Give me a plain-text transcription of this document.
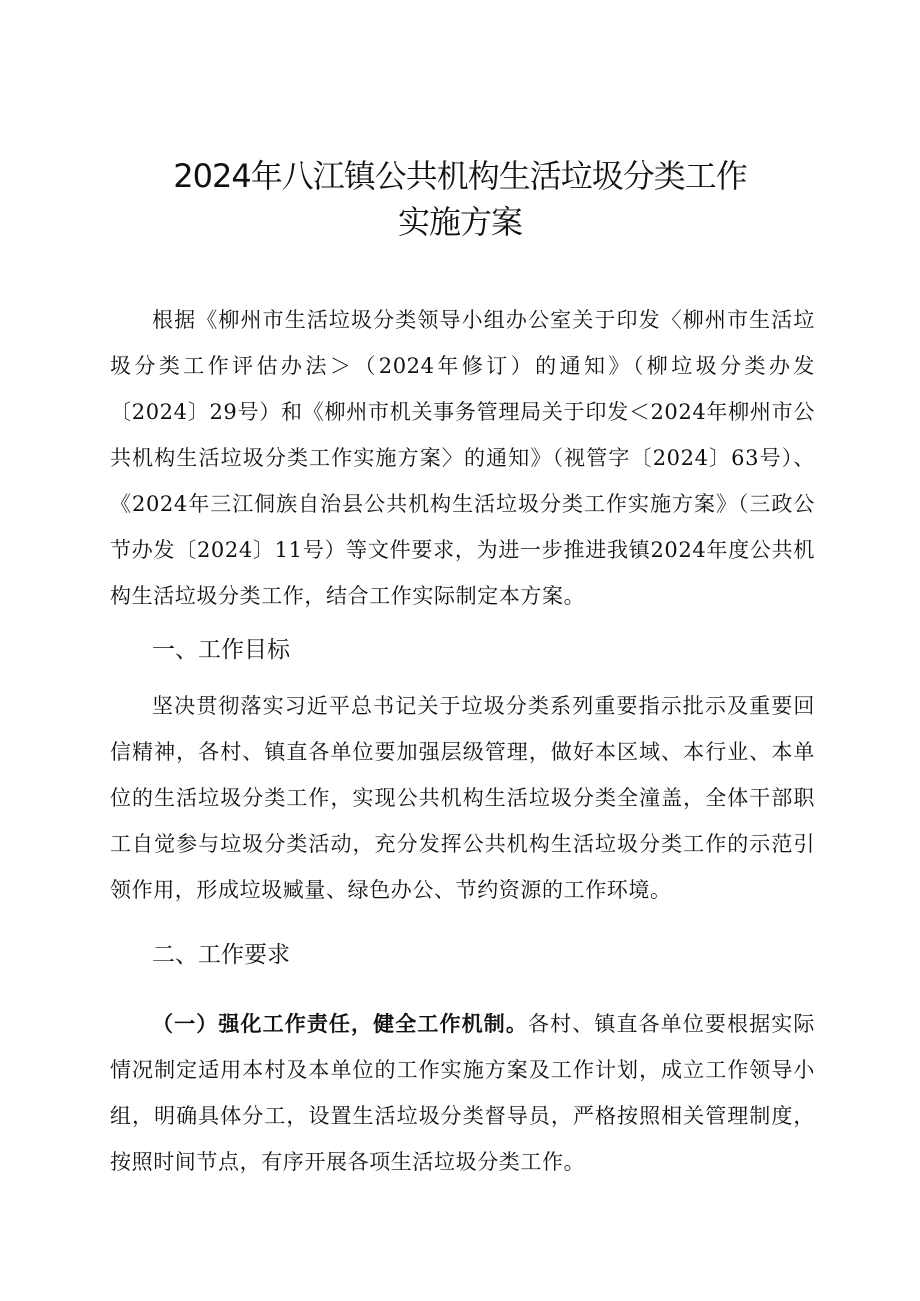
2024年八江镇公共机构生活垃圾分类工作
实施方案

根据《柳州市生活垃圾分类领导小组办公室关于印发〈柳州市生活垃圾分类工作评估办法＞（2024年修订）的通知》（柳垃圾分类办发〔2024〕29号）和《柳州市机关事务管理局关于印发＜2024年柳州市公共机构生活垃圾分类工作实施方案〉的通知》（视管字〔2024〕63号）、《2024年三江侗族自治县公共机构生活垃圾分类工作实施方案》（三政公节办发〔2024〕11号）等文件要求，为进一步推进我镇2024年度公共机构生活垃圾分类工作，结合工作实际制定本方案。

一、工作目标

坚决贯彻落实习近平总书记关于垃圾分类系列重要指示批示及重要回信精神，各村、镇直各单位要加强层级管理，做好本区域、本行业、本单位的生活垃圾分类工作，实现公共机构生活垃圾分类全潼盖，全体干部职工自觉参与垃圾分类活动，充分发挥公共机构生活垃圾分类工作的示范引领作用，形成垃圾臧量、绿色办公、节约资源的工作环境。

二、工作要求

（一）强化工作责任，健全工作机制。各村、镇直各单位要根据实际情况制定适用本村及本单位的工作实施方案及工作计划，成立工作领导小组，明确具体分工，设置生活垃圾分类督导员，严格按照相关管理制度，按照时间节点，有序开展各项生活垃圾分类工作。
